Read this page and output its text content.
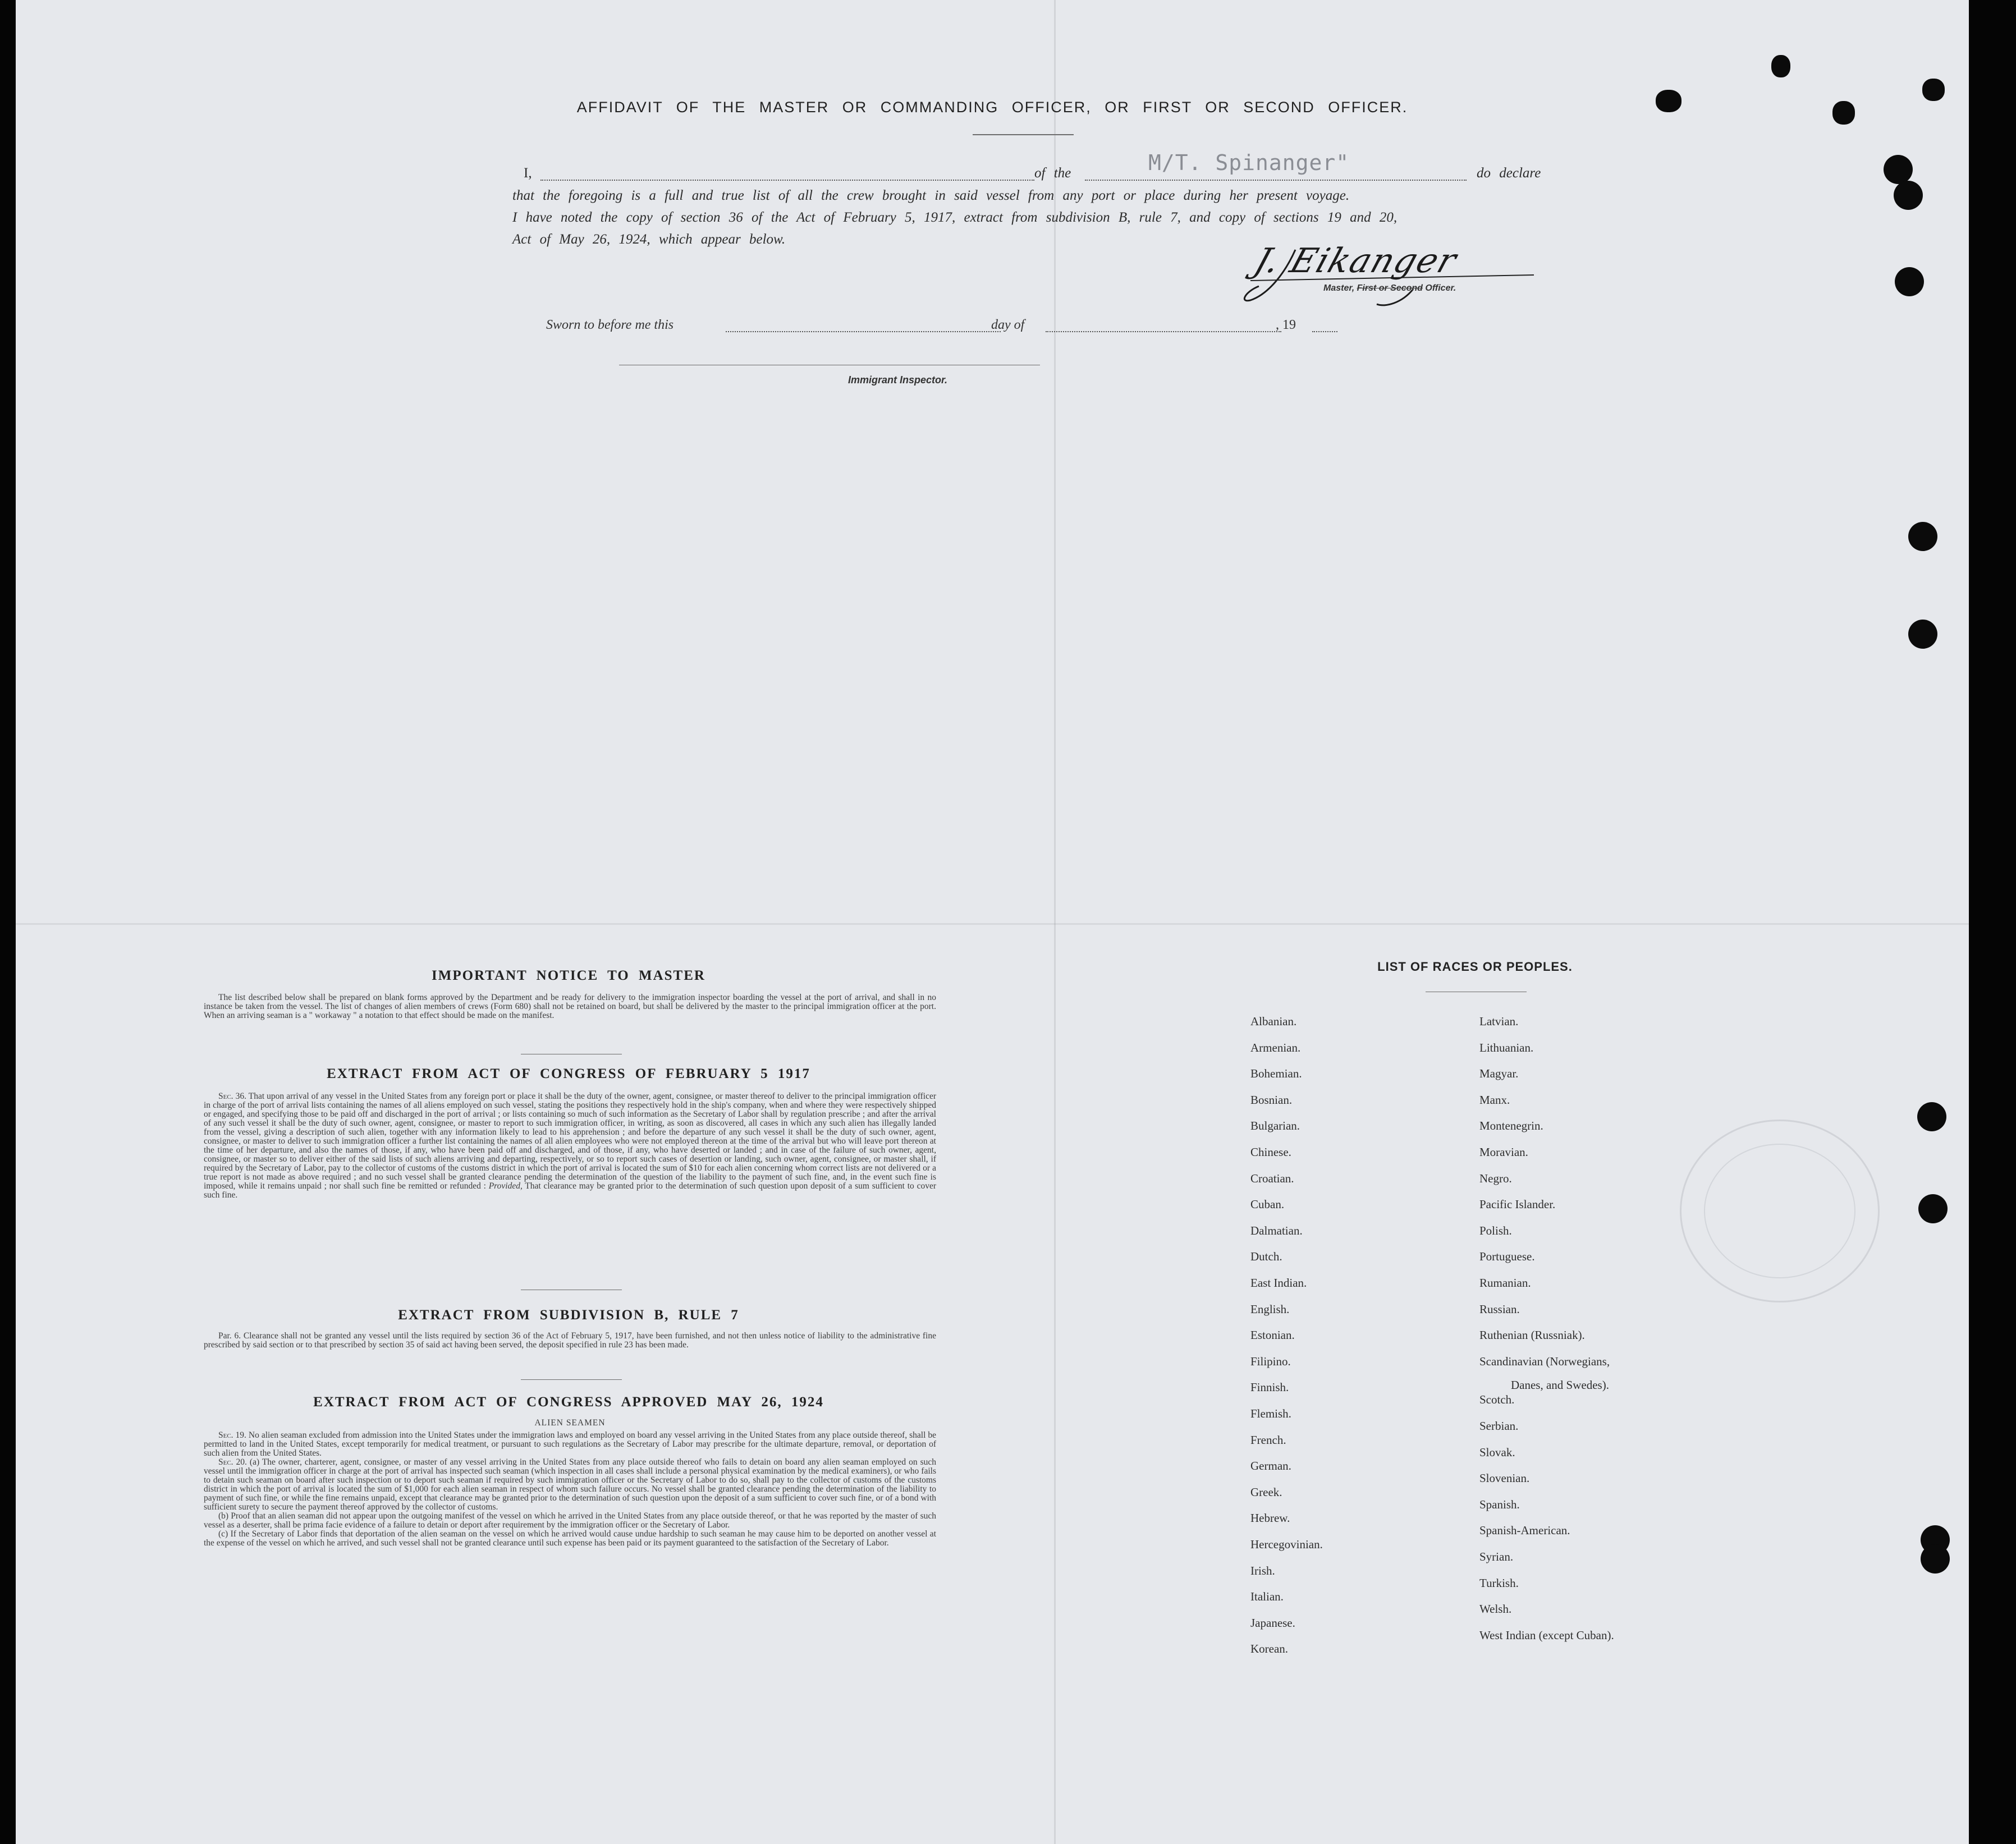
AFFIDAVIT OF THE MASTER OR COMMANDING OFFICER, OR FIRST OR SECOND OFFICER.
I,	of the	do declare
M/T. Spinanger"
that the foregoing is a full and true list of all the crew brought in said vessel from any port or place during her present voyage.
I have noted the copy of section 36 of the Act of February 5, 1917, extract from subdivision B, rule 7, and copy of sections 19 and 20,
Act of May 26, 1924, which appear below.
J. Eikanger
Master, First or Second Officer.
Sworn to before me this	day of	, 19
Immigrant Inspector.
IMPORTANT NOTICE TO MASTER

The list described below shall be prepared on blank forms approved by the Department and be ready for delivery to the immigration inspector boarding the vessel at the port of arrival, and shall in no instance be taken from the vessel. The list of changes of alien members of crews (Form 680) shall not be retained on board, but shall be delivered by the master to the principal immigration officer at the port. When an arriving seaman is a " workaway " a notation to that effect should be made on the manifest.

EXTRACT FROM ACT OF CONGRESS OF FEBRUARY 5 1917

Sec. 36. That upon arrival of any vessel in the United States from any foreign port or place it shall be the duty of the owner, agent, consignee, or master thereof to deliver to the principal immigration officer in charge of the port of arrival lists containing the names of all aliens employed on such vessel, stating the positions they respectively hold in the ship's company, when and where they were respectively shipped or engaged, and specifying those to be paid off and discharged in the port of arrival ; or lists containing so much of such information as the Secretary of Labor shall by regulation prescribe ; and after the arrival of any such vessel it shall be the duty of such owner, agent, consignee, or master to report to such immigration officer, in writing, as soon as discovered, all cases in which any such alien has illegally landed from the vessel, giving a description of such alien, together with any information likely to lead to his apprehension ; and before the departure of any such vessel it shall be the duty of such owner, agent, consignee, or master to deliver to such immigration officer a further list containing the names of all alien employees who were not employed thereon at the time of the arrival but who will leave port thereon at the time of her departure, and also the names of those, if any, who have been paid off and discharged, and of those, if any, who have deserted or landed ; and in case of the failure of such owner, agent, consignee, or master so to deliver either of the said lists of such aliens arriving and departing, respectively, or so to report such cases of desertion or landing, such owner, agent, consignee, or master shall, if required by the Secretary of Labor, pay to the collector of customs of the customs district in which the port of arrival is located the sum of $10 for each alien concerning whom correct lists are not delivered or a true report is not made as above required ; and no such vessel shall be granted clearance pending the determination of the question of the liability to the payment of such fine, and, in the event such fine is imposed, while it remains unpaid ; nor shall such fine be remitted or refunded : Provided, That clearance may be granted prior to the determination of such question upon deposit of a sum sufficient to cover such fine.

EXTRACT FROM SUBDIVISION B, RULE 7

Par. 6. Clearance shall not be granted any vessel until the lists required by section 36 of the Act of February 5, 1917, have been furnished, and not then unless notice of liability to the administrative fine prescribed by said section or to that prescribed by section 35 of said act having been served, the deposit specified in rule 23 has been made.

EXTRACT FROM ACT OF CONGRESS APPROVED MAY 26, 1924
ALIEN SEAMEN

Sec. 19. No alien seaman excluded from admission into the United States under the immigration laws and employed on board any vessel arriving in the United States from any place outside thereof, shall be permitted to land in the United States, except temporarily for medical treatment, or pursuant to such regulations as the Secretary of Labor may prescribe for the ultimate departure, removal, or deportation of such alien from the United States.

Sec. 20. (a) The owner, charterer, agent, consignee, or master of any vessel arriving in the United States from any place outside thereof who fails to detain on board any alien seaman employed on such vessel until the immigration officer in charge at the port of arrival has inspected such seaman (which inspection in all cases shall include a personal physical examination by the medical examiners), or who fails to detain such seaman on board after such inspection or to deport such seaman if required by such immigration officer or the Secretary of Labor to do so, shall pay to the collector of customs of the customs district in which the port of arrival is located the sum of $1,000 for each alien seaman in respect of whom such failure occurs. No vessel shall be granted clearance pending the determination of the liability to payment of such fine, or while the fine remains unpaid, except that clearance may be granted prior to the determination of such question upon the deposit of a sum sufficient to cover such fine, or of a bond with sufficient surety to secure the payment thereof approved by the collector of customs.

(b) Proof that an alien seaman did not appear upon the outgoing manifest of the vessel on which he arrived in the United States from any place outside thereof, or that he was reported by the master of such vessel as a deserter, shall be prima facie evidence of a failure to detain or deport after requirement by the immigration officer or the Secretary of Labor.

(c) If the Secretary of Labor finds that deportation of the alien seaman on the vessel on which he arrived would cause undue hardship to such seaman he may cause him to be deported on another vessel at the expense of the vessel on which he arrived, and such vessel shall not be granted clearance until such expense has been paid or its payment guaranteed to the satisfaction of the Secretary of Labor.

LIST OF RACES OR PEOPLES.
Danes, and Swedes).
Albanian.
Armenian.
Bohemian.
Bosnian.
Bulgarian.
Chinese.
Croatian.
Cuban.
Dalmatian.
Dutch.
East Indian.
English.
Estonian.
Filipino.
Finnish.
Flemish.
French.
German.
Greek.
Hebrew.
Hercegovinian.
Irish.
Italian.
Japanese.
Korean.
Latvian.
Lithuanian.
Magyar.
Manx.
Montenegrin.
Moravian.
Negro.
Pacific Islander.
Polish.
Portuguese.
Rumanian.
Russian.
Ruthenian (Russniak).
Scandinavian (Norwegians,
Scotch.
Serbian.
Slovak.
Slovenian.
Spanish.
Spanish-American.
Syrian.
Turkish.
Welsh.
West Indian (except Cuban).
